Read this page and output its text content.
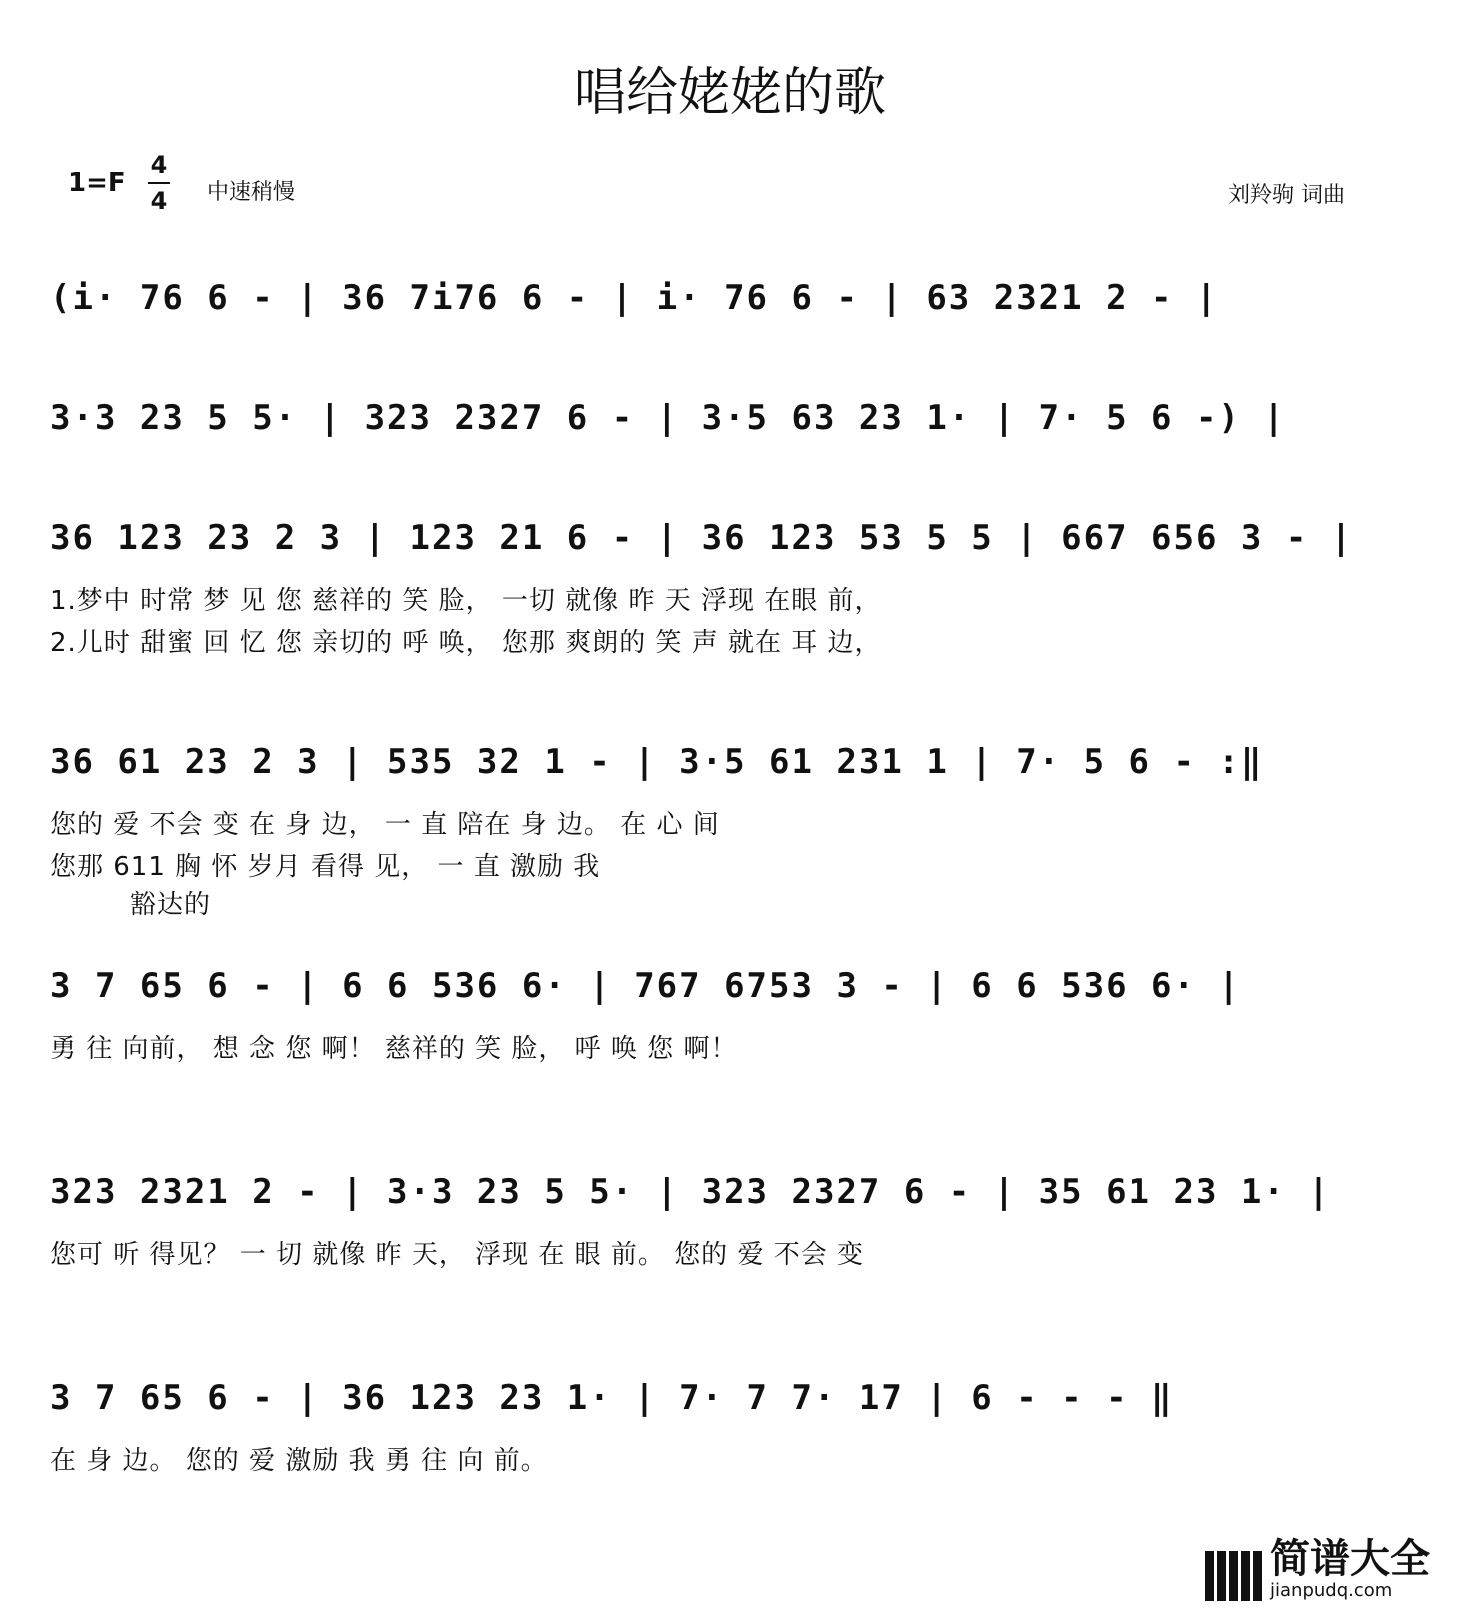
唱给姥姥的歌
1=F
4
4 中速稍慢	刘羚驹 词曲
(i· 76 6 - | 36 7i76 6 - | i· 76 6 - | 63 2321 2 - |
3·3 23 5 5· | 323 2327 6 - | 3·5 63 23 1· | 7· 5 6 -) |
36 123 23 2 3 | 123 21 6 - | 36 123 53 5 5 | 667 656 3 - |
1.梦中 时常 梦 见 您 慈祥的 笑 脸， 一切 就像 昨 天 浮现 在眼 前，
2.儿时 甜蜜 回 忆 您 亲切的 呼 唤， 您那 爽朗的 笑 声 就在 耳 边，
36 61 23 2 3 | 535 32 1 - | 3·5 61 231 1 | 7· 5 6 - :‖
您的 爱 不会 变 在 身 边， 一 直 陪在 身 边。 在 心 间
您那 611 胸 怀 岁月 看得 见， 一 直 激励 我
豁达的
3 7 65 6 - | 6 6 536 6· | 767 6753 3 - | 6 6 536 6· |
勇 往 向前， 想 念 您 啊！ 慈祥的 笑 脸， 呼 唤 您 啊！
323 2321 2 - | 3·3 23 5 5· | 323 2327 6 - | 35 61 23 1· |
您可 听 得见？ 一 切 就像 昨 天， 浮现 在 眼 前。 您的 爱 不会 变
3 7 65 6 - | 36 123 23 1· | 7· 7 7· 17 | 6 - - - ‖
在 身 边。 您的 爱 激励 我 勇 往 向 前。
简谱大全
jianpudq.com
